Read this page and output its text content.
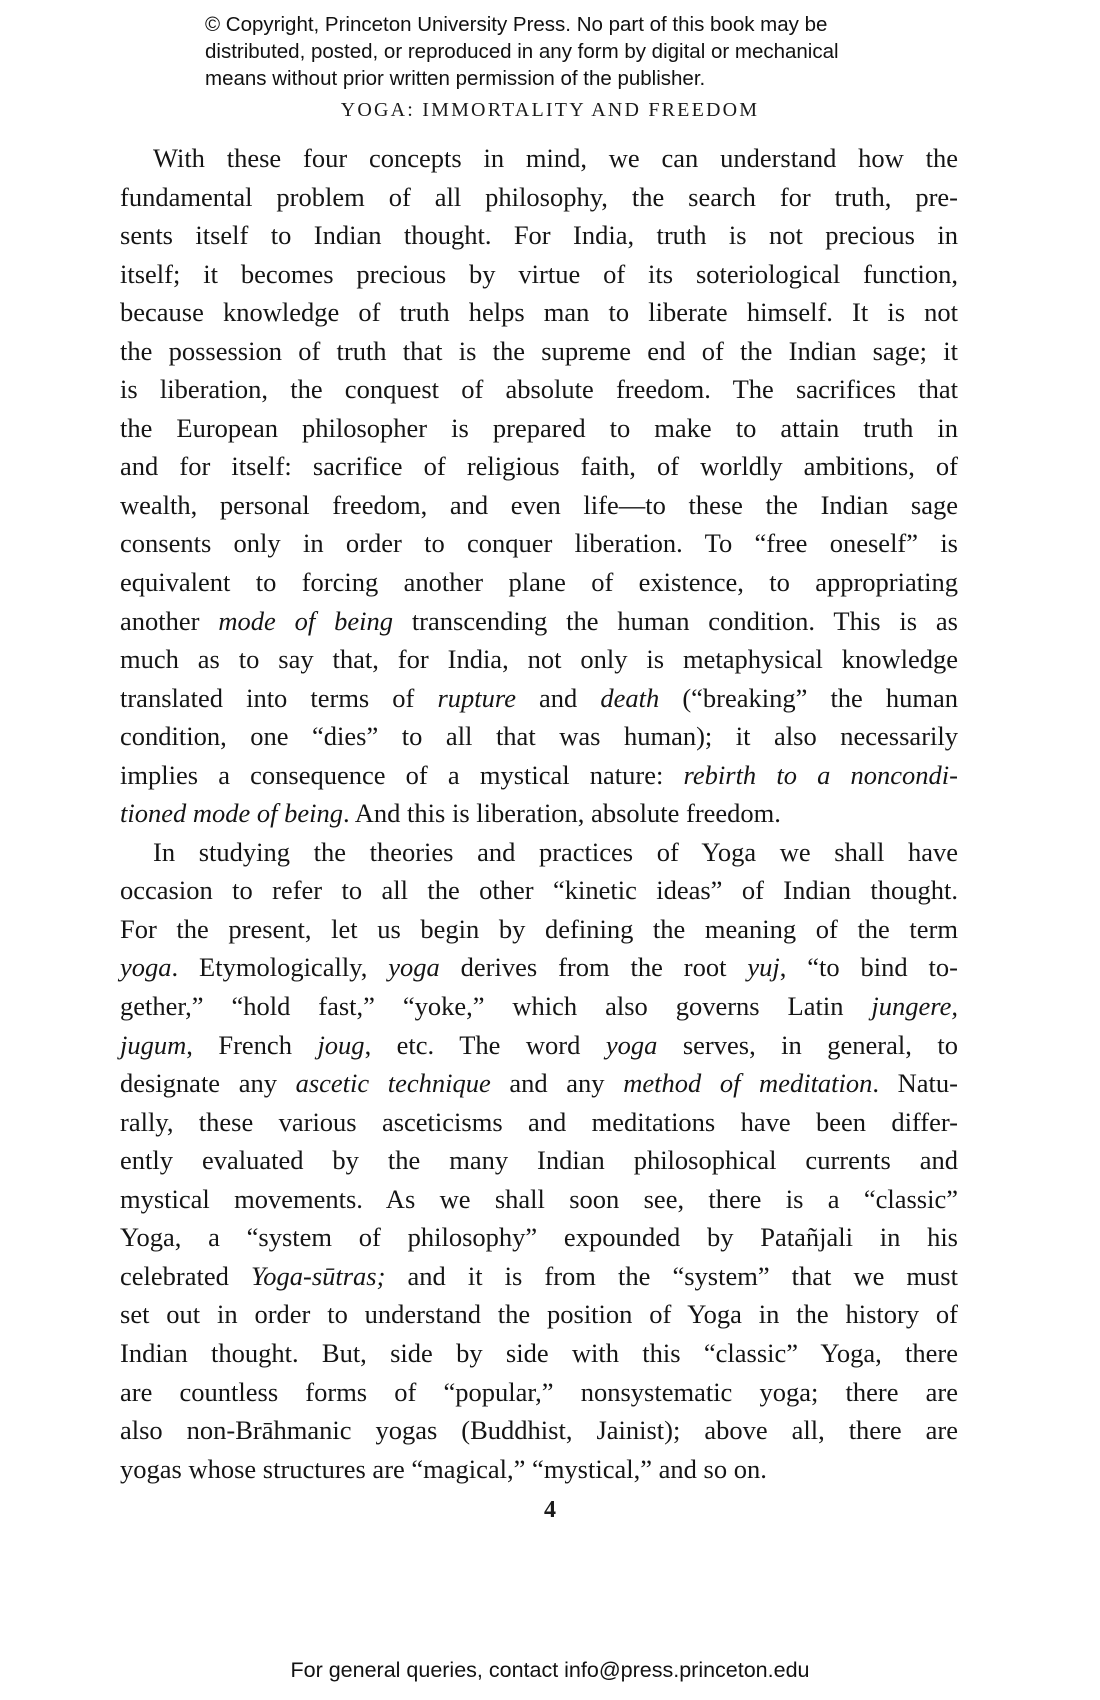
© Copyright, Princeton University Press. No part of this book may be
distributed, posted, or reproduced in any form by digital or mechanical
means without prior written permission of the publisher.
YOGA: IMMORTALITY AND FREEDOM
With these four concepts in mind, we can understand how the
fundamental problem of all philosophy, the search for truth, pre-
sents itself to Indian thought. For India, truth is not precious in
itself; it becomes precious by virtue of its soteriological function,
because knowledge of truth helps man to liberate himself. It is not
the possession of truth that is the supreme end of the Indian sage; it
is liberation, the conquest of absolute freedom. The sacrifices that
the European philosopher is prepared to make to attain truth in
and for itself: sacrifice of religious faith, of worldly ambitions, of
wealth, personal freedom, and even life—to these the Indian sage
consents only in order to conquer liberation. To “free oneself” is
equivalent to forcing another plane of existence, to appropriating
another mode of being transcending the human condition. This is as
much as to say that, for India, not only is metaphysical knowledge
translated into terms of rupture and death (“breaking” the human
condition, one “dies” to all that was human); it also necessarily
implies a consequence of a mystical nature: rebirth to a noncondi-
tioned mode of being. And this is liberation, absolute freedom.
In studying the theories and practices of Yoga we shall have
occasion to refer to all the other “kinetic ideas” of Indian thought.
For the present, let us begin by defining the meaning of the term
yoga. Etymologically, yoga derives from the root yuj, “to bind to-
gether,” “hold fast,” “yoke,” which also governs Latin jungere,
jugum, French joug, etc. The word yoga serves, in general, to
designate any ascetic technique and any method of meditation. Natu-
rally, these various asceticisms and meditations have been differ-
ently evaluated by the many Indian philosophical currents and
mystical movements. As we shall soon see, there is a “classic”
Yoga, a “system of philosophy” expounded by Patañjali in his
celebrated Yoga-sūtras; and it is from the “system” that we must
set out in order to understand the position of Yoga in the history of
Indian thought. But, side by side with this “classic” Yoga, there
are countless forms of “popular,” nonsystematic yoga; there are
also non-Brāhmanic yogas (Buddhist, Jainist); above all, there are
yogas whose structures are “magical,” “mystical,” and so on.
4
For general queries, contact info@press.princeton.edu
